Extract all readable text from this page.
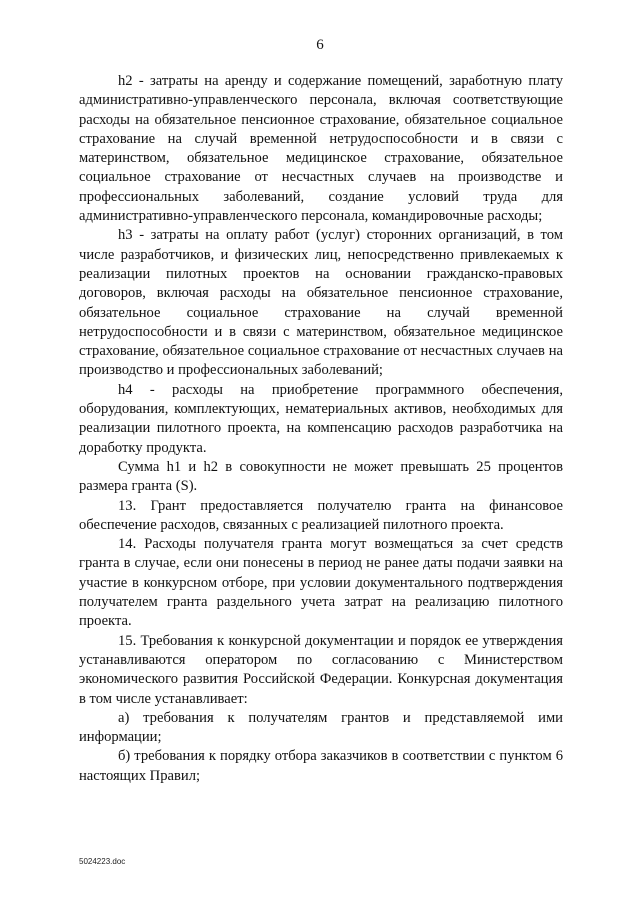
6

h2 - затраты на аренду и содержание помещений, заработную плату административно-управленческого персонала, включая соответствующие расходы на обязательное пенсионное страхование, обязательное социальное страхование на случай временной нетрудоспособности и в связи с материнством, обязательное медицинское страхование, обязательное социальное страхование от несчастных случаев на производстве и профессиональных заболеваний, создание условий труда для административно-управленческого персонала, командировочные расходы;

h3 - затраты на оплату работ (услуг) сторонних организаций, в том числе разработчиков, и физических лиц, непосредственно привлекаемых к реализации пилотных проектов на основании гражданско-правовых договоров, включая расходы на обязательное пенсионное страхование, обязательное социальное страхование на случай временной нетрудоспособности и в связи с материнством, обязательное медицинское страхование, обязательное социальное страхование от несчастных случаев на производство и профессиональных заболеваний;

h4 - расходы на приобретение программного обеспечения, оборудования, комплектующих, нематериальных активов, необходимых для реализации пилотного проекта, на компенсацию расходов разработчика на доработку продукта.

Сумма h1 и h2 в совокупности не может превышать 25 процентов размера гранта (S).

13. Грант предоставляется получателю гранта на финансовое обеспечение расходов, связанных с реализацией пилотного проекта.

14. Расходы получателя гранта могут возмещаться за счет средств гранта в случае, если они понесены в период не ранее даты подачи заявки на участие в конкурсном отборе, при условии документального подтверждения получателем гранта раздельного учета затрат на реализацию пилотного проекта.

15. Требования к конкурсной документации и порядок ее утверждения устанавливаются оператором по согласованию с Министерством экономического развития Российской Федерации. Конкурсная документация в том числе устанавливает:

а) требования к получателям грантов и представляемой ими информации;

б) требования к порядку отбора заказчиков в соответствии с пунктом 6 настоящих Правил;

5024223.doc
